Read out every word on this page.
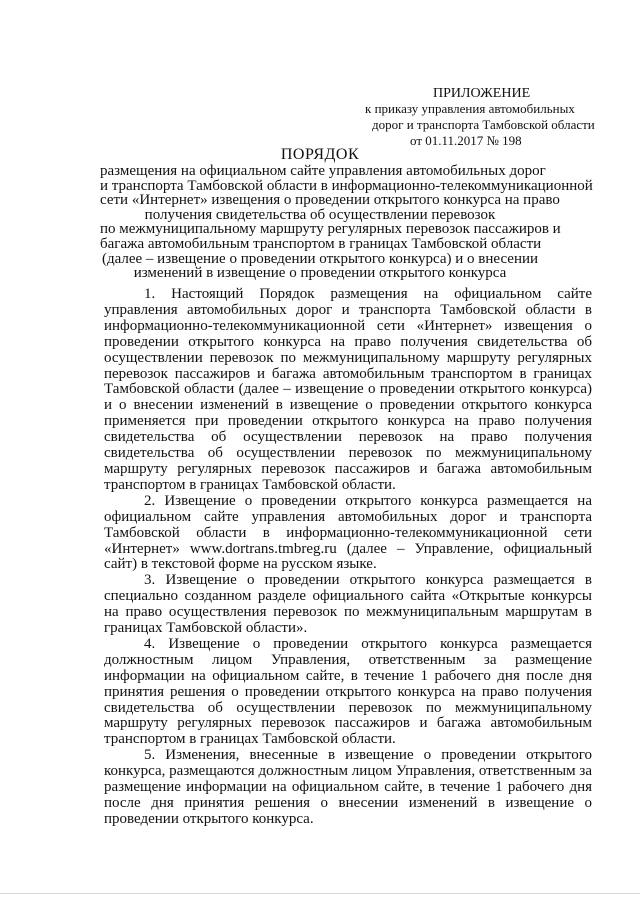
ПРИЛОЖЕНИЕ
к приказу управления автомобильных
дорог и транспорта Тамбовской области
от 01.11.2017 № 198
ПОРЯДОК
размещения на официальном сайте управления автомобильных дорог
и транспорта Тамбовской области в информационно-телекоммуникационной
сети «Интернет» извещения о проведении открытого конкурса на право
получения свидетельства об осуществлении перевозок
по межмуниципальному маршруту регулярных перевозок пассажиров и
багажа автомобильным транспортом в границах Тамбовской области
(далее – извещение о проведении открытого конкурса) и о внесении
изменений в извещение о проведении открытого конкурса

1. Настоящий Порядок размещения на официальном сайте управления автомобильных дорог и транспорта Тамбовской области в информационно-телекоммуникационной сети «Интернет» извещения о проведении открытого конкурса на право получения свидетельства об осуществлении перевозок по межмуниципальному маршруту регулярных перевозок пассажиров и багажа автомобильным транспортом в границах Тамбовской области (далее – извещение о проведении открытого конкурса) и о внесении изменений в извещение о проведении открытого конкурса применяется при проведении открытого конкурса на право получения свидетельства об осуществлении перевозок на право получения свидетельства об осуществлении перевозок по межмуниципальному маршруту регулярных перевозок пассажиров и багажа автомобильным транспортом в границах Тамбовской области.

2. Извещение о проведении открытого конкурса размещается на официальном сайте управления автомобильных дорог и транспорта Тамбовской области в информационно-телекоммуникационной сети «Интернет» www.dortrans.tmbreg.ru (далее – Управление, официальный сайт) в текстовой форме на русском языке.

3. Извещение о проведении открытого конкурса размещается в специально созданном разделе официального сайта «Открытые конкурсы на право осуществления перевозок по межмуниципальным маршрутам в границах Тамбовской области».

4. Извещение о проведении открытого конкурса размещается должностным лицом Управления, ответственным за размещение информации на официальном сайте, в течение 1 рабочего дня после дня принятия решения о проведении открытого конкурса на право получения свидетельства об осуществлении перевозок по межмуниципальному маршруту регулярных перевозок пассажиров и багажа автомобильным транспортом в границах Тамбовской области.

5. Изменения, внесенные в извещение о проведении открытого конкурса, размещаются должностным лицом Управления, ответственным за размещение информации на официальном сайте, в течение 1 рабочего дня после дня принятия решения о внесении изменений в извещение о проведении открытого конкурса.
